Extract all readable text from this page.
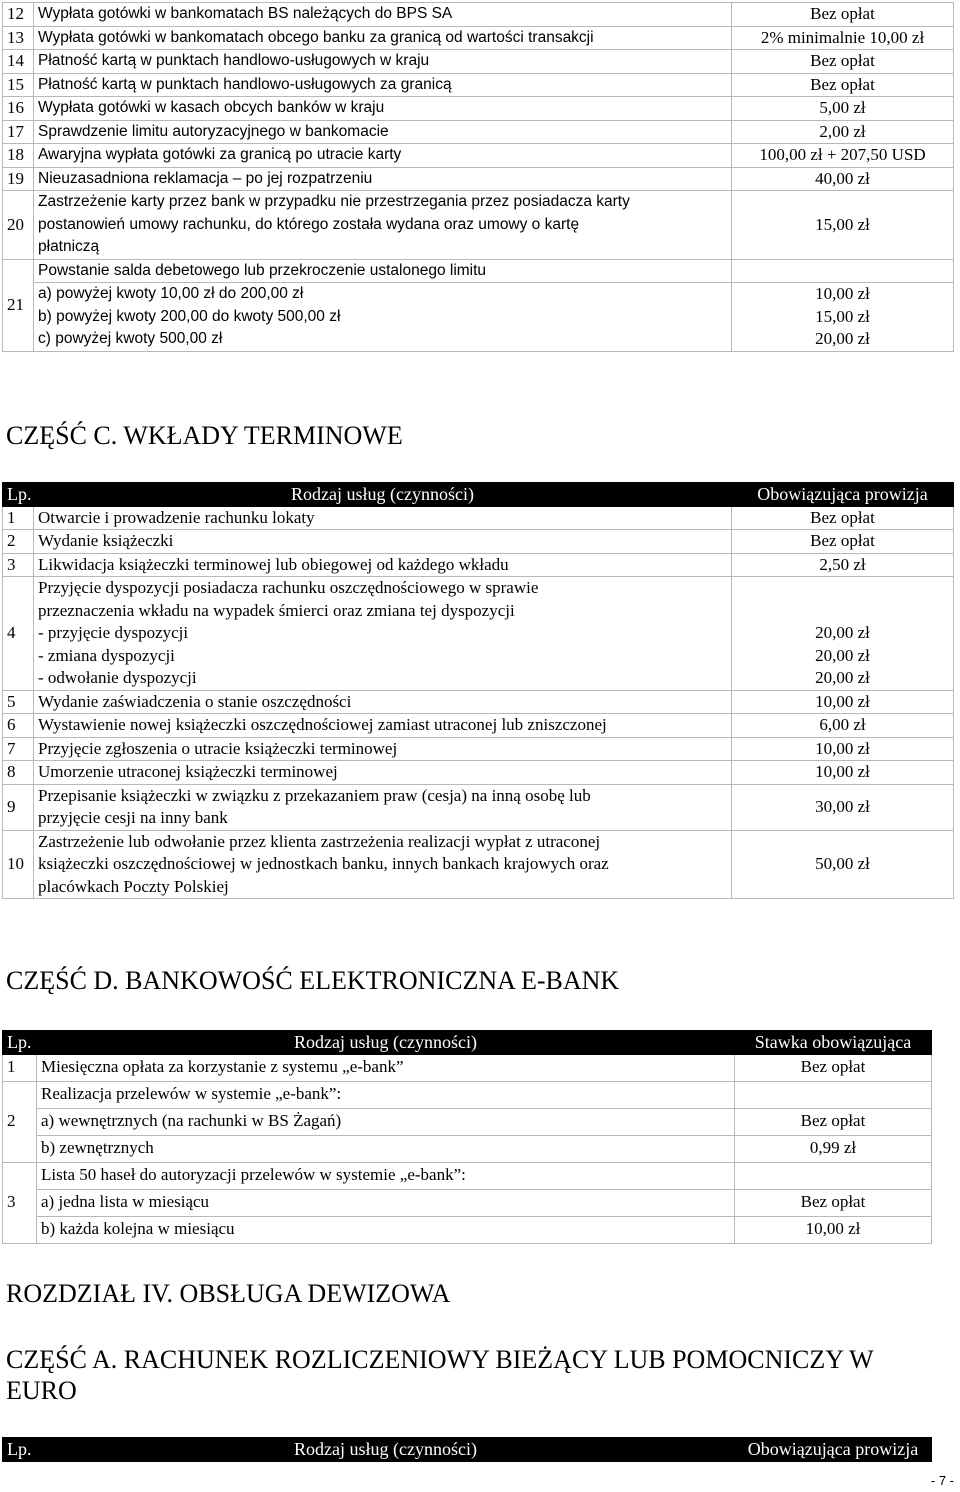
12	Wypłata gotówki w bankomatach BS należących do BPS SA	Bez opłat
13	Wypłata gotówki w bankomatach obcego banku za granicą od wartości transakcji	2% minimalnie 10,00 zł
14	Płatność kartą w punktach handlowo-usługowych w kraju	Bez opłat
15	Płatność kartą w punktach handlowo-usługowych za granicą	Bez opłat
16	Wypłata gotówki w kasach obcych banków w kraju	5,00 zł
17	Sprawdzenie limitu autoryzacyjnego w bankomacie	2,00 zł
18	Awaryjna wypłata gotówki za granicą po utracie karty	100,00 zł + 207,50 USD
19	Nieuzasadniona reklamacja – po jej rozpatrzeniu	40,00 zł
20	Zastrzeżenie karty przez bank w przypadku nie przestrzegania przez posiadacza karty
postanowień umowy rachunku, do którego została wydana oraz umowy o kartę
płatniczą	15,00 zł
21	Powstanie salda debetowego lub przekroczenie ustalonego limitu	
	a) powyżej kwoty 10,00 zł do 200,00 zł	10,00 zł
	b) powyżej kwoty 200,00 do kwoty 500,00 zł	15,00 zł
	c) powyżej kwoty 500,00 zł	20,00 zł
CZĘŚĆ C. WKŁADY TERMINOWE
Lp.	Rodzaj usług (czynności)	Obowiązująca prowizja
1	Otwarcie i prowadzenie rachunku lokaty	Bez opłat
2	Wydanie książeczki	Bez opłat
3	Likwidacja książeczki terminowej lub obiegowej od każdego wkładu	2,50 zł
4	Przyjęcie dyspozycji posiadacza rachunku oszczędnościowego w sprawie
przeznaczenia wkładu na wypadek śmierci oraz zmiana tej dyspozycji	

	- przyjęcie dyspozycji	20,00 zł
	- zmiana dyspozycji	20,00 zł
	- odwołanie dyspozycji	20,00 zł
5	Wydanie zaświadczenia o stanie oszczędności	10,00 zł
6	Wystawienie nowej książeczki oszczędnościowej zamiast utraconej lub zniszczonej	6,00 zł
7	Przyjęcie zgłoszenia o utracie książeczki terminowej	10,00 zł
8	Umorzenie utraconej książeczki terminowej	10,00 zł
9	Przepisanie książeczki w związku z przekazaniem praw (cesja) na inną osobę lub
przyjęcie cesji na inny bank	30,00 zł
10	Zastrzeżenie lub odwołanie przez klienta zastrzeżenia realizacji wypłat z utraconej
książeczki oszczędnościowej w jednostkach banku, innych bankach krajowych oraz
placówkach Poczty Polskiej	50,00 zł
CZĘŚĆ D. BANKOWOŚĆ ELEKTRONICZNA E-BANK
Lp.	Rodzaj usług (czynności)	Stawka obowiązująca
1	Miesięczna opłata za korzystanie z systemu „e-bank”	Bez opłat
2	Realizacja przelewów w systemie „e-bank”:	
	a) wewnętrznych (na rachunki w BS Żagań)	Bez opłat
	b) zewnętrznych	0,99 zł
3	Lista 50 haseł do autoryzacji przelewów w systemie „e-bank”:	
	a) jedna lista w miesiącu	Bez opłat
	b) każda kolejna w miesiącu	10,00 zł
ROZDZIAŁ IV. OBSŁUGA DEWIZOWA
CZĘŚĆ A. RACHUNEK ROZLICZENIOWY BIEŻĄCY LUB POMOCNICZY W EURO
Lp.	Rodzaj usług (czynności)	Obowiązująca prowizja
- 7 -
